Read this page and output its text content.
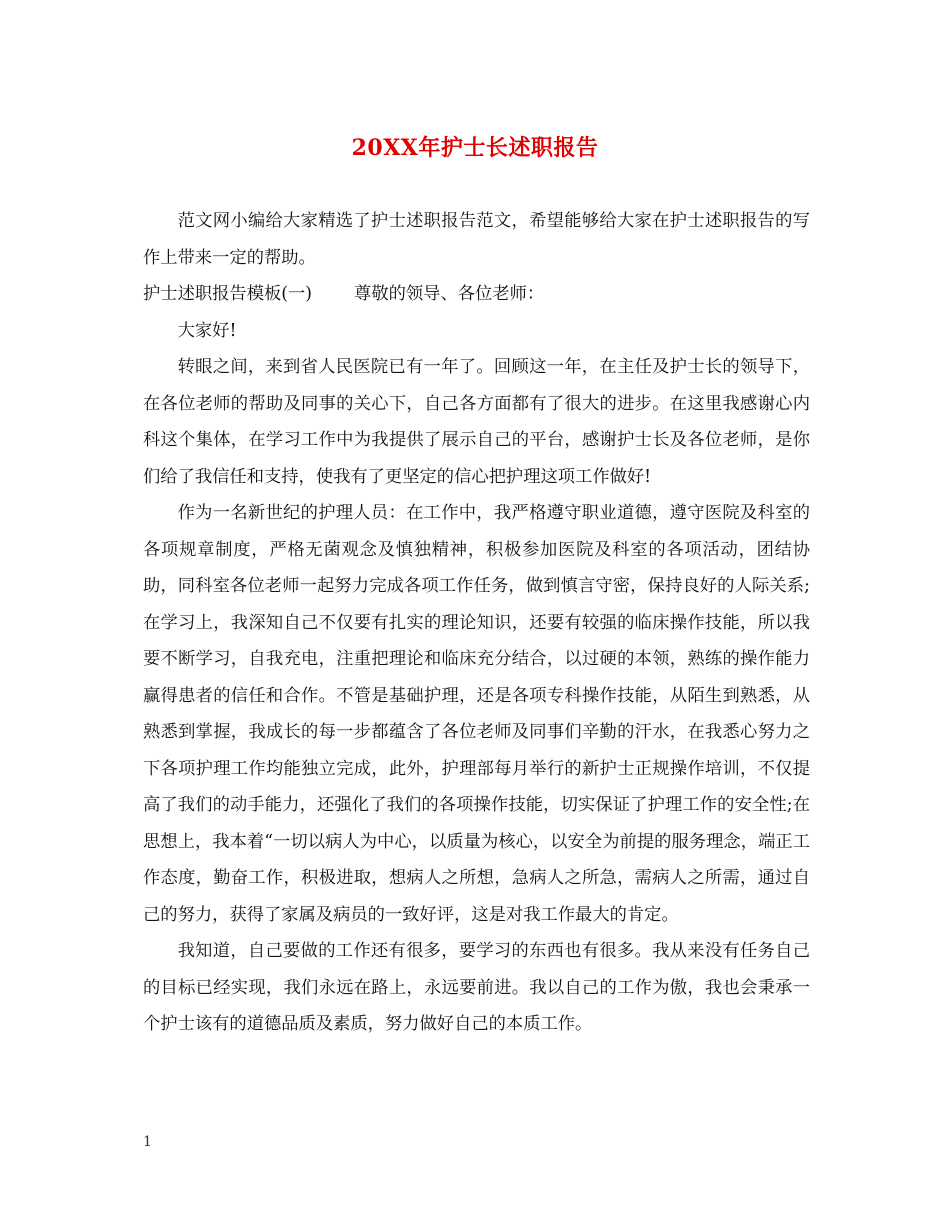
20XX年护士长述职报告

范文网小编给大家精选了护士述职报告范文，希望能够给大家在护士述职报告的写作上带来一定的帮助。

护士述职报告模板(一) 尊敬的领导、各位老师：

大家好!

转眼之间，来到省人民医院已有一年了。回顾这一年，在主任及护士长的领导下，在各位老师的帮助及同事的关心下，自己各方面都有了很大的进步。在这里我感谢心内科这个集体，在学习工作中为我提供了展示自己的平台，感谢护士长及各位老师，是你们给了我信任和支持，使我有了更坚定的信心把护理这项工作做好!

作为一名新世纪的护理人员：在工作中，我严格遵守职业道德，遵守医院及科室的各项规章制度，严格无菌观念及慎独精神，积极参加医院及科室的各项活动，团结协助，同科室各位老师一起努力完成各项工作任务，做到慎言守密，保持良好的人际关系;在学习上，我深知自己不仅要有扎实的理论知识，还要有较强的临床操作技能，所以我要不断学习，自我充电，注重把理论和临床充分结合，以过硬的本领，熟练的操作能力赢得患者的信任和合作。不管是基础护理，还是各项专科操作技能，从陌生到熟悉，从熟悉到掌握，我成长的每一步都蕴含了各位老师及同事们辛勤的汗水，在我悉心努力之下各项护理工作均能独立完成，此外，护理部每月举行的新护士正规操作培训，不仅提高了我们的动手能力，还强化了我们的各项操作技能，切实保证了护理工作的安全性;在思想上，我本着“一切以病人为中心，以质量为核心，以安全为前提的服务理念，端正工作态度，勤奋工作，积极进取，想病人之所想，急病人之所急，需病人之所需，通过自己的努力，获得了家属及病员的一致好评，这是对我工作最大的肯定。

我知道，自己要做的工作还有很多，要学习的东西也有很多。我从来没有任务自己的目标已经实现，我们永远在路上，永远要前进。我以自己的工作为傲，我也会秉承一个护士该有的道德品质及素质，努力做好自己的本质工作。

1
